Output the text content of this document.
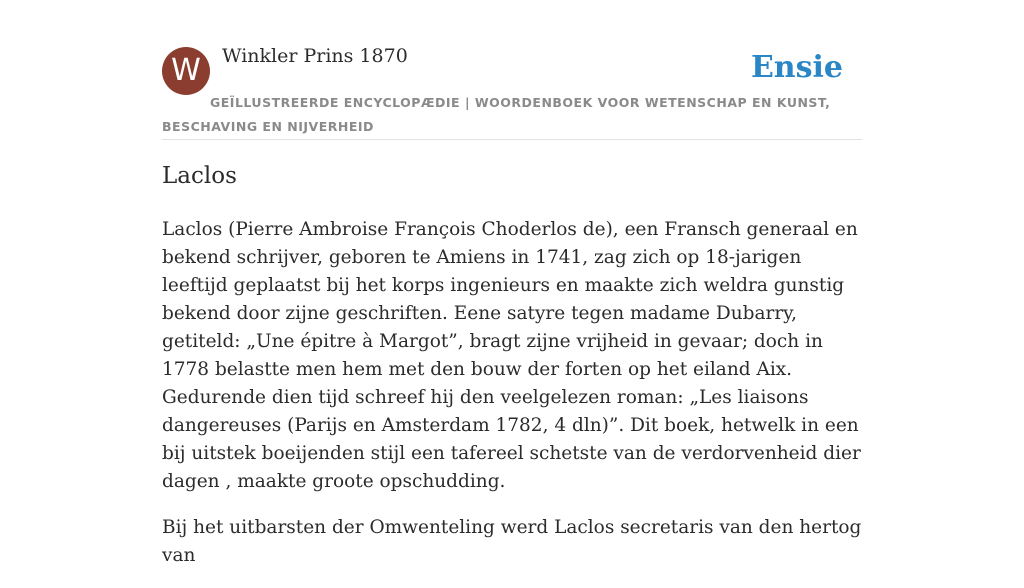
W	Winkler Prins 1870	Ensie
GEÏLLUSTREERDE ENCYCLOPÆDIE | WOORDENBOEK VOOR WETENSCHAP EN KUNST, BESCHAVING EN NIJVERHEID
Laclos

Laclos (Pierre Ambroise François Choderlos de), een Fransch generaal en bekend schrijver, geboren te Amiens in 1741, zag zich op 18-jarigen leeftijd geplaatst bij het korps ingenieurs en maakte zich weldra gunstig bekend door zijne geschriften. Eene satyre tegen madame Dubarry, getiteld: „Une épitre à Margot”, bragt zijne vrijheid in gevaar; doch in 1778 belastte men hem met den bouw der forten op het eiland Aix. Gedurende dien tijd schreef hij den veelgelezen roman: „Les liaisons dangereuses (Parijs en Amsterdam 1782, 4 dln)”. Dit boek, hetwelk in een bij uitstek boeijenden stijl een tafereel schetste van de verdorvenheid dier dagen , maakte groote opschudding.

Bij het uitbarsten der Omwenteling werd Laclos secretaris van den hertog van
